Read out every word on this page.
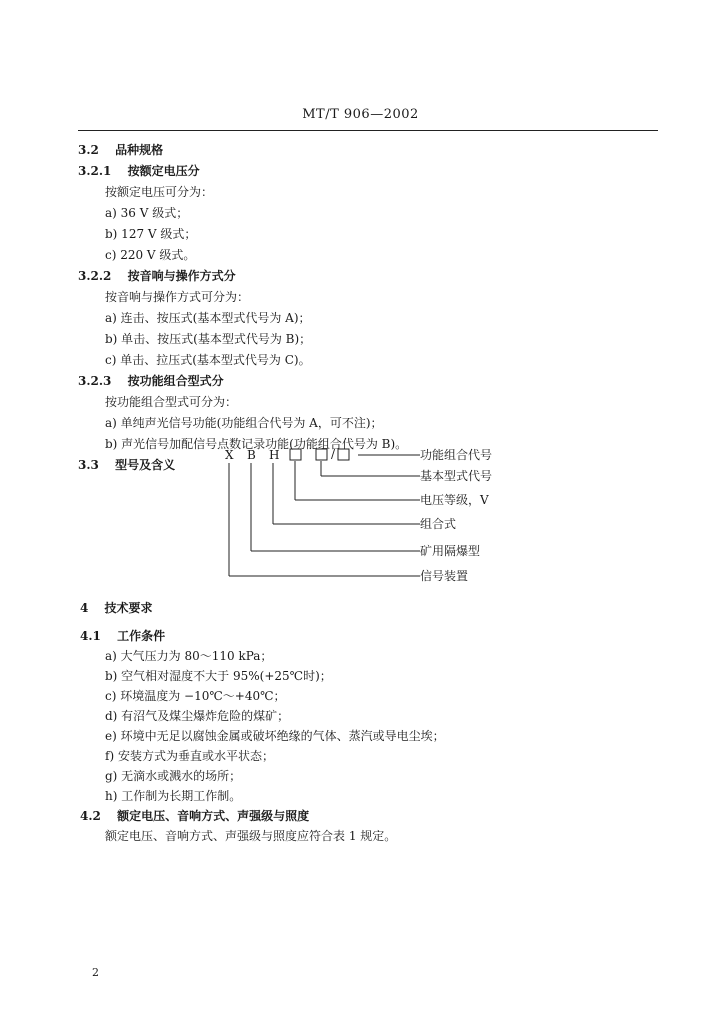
MT/T 906—2002
3.2 品种规格
3.2.1 按额定电压分
按额定电压可分为：
a) 36 V 级式；
b) 127 V 级式；
c) 220 V 级式。
3.2.2 按音响与操作方式分
按音响与操作方式可分为：
a) 连击、按压式(基本型式代号为 A)；
b) 单击、按压式(基本型式代号为 B)；
c) 单击、拉压式(基本型式代号为 C)。
3.2.3 按功能组合型式分
按功能组合型式可分为：
a) 单纯声光信号功能(功能组合代号为 A，可不注)；
b) 声光信号加配信号点数记录功能(功能组合代号为 B)。
3.3 型号及含义
X B H	/	功能组合代号
基本型式代号
电压等级，V
组合式
矿用隔爆型
信号装置
4 技术要求
4.1 工作条件
a) 大气压力为 80～110 kPa；
b) 空气相对湿度不大于 95%(+25℃时)；
c) 环境温度为 −10℃～+40℃；
d) 有沼气及煤尘爆炸危险的煤矿；
e) 环境中无足以腐蚀金属或破坏绝缘的气体、蒸汽或导电尘埃；
f) 安装方式为垂直或水平状态；
g) 无滴水或溅水的场所；
h) 工作制为长期工作制。
4.2 额定电压、音响方式、声强级与照度
额定电压、音响方式、声强级与照度应符合表 1 规定。
2
